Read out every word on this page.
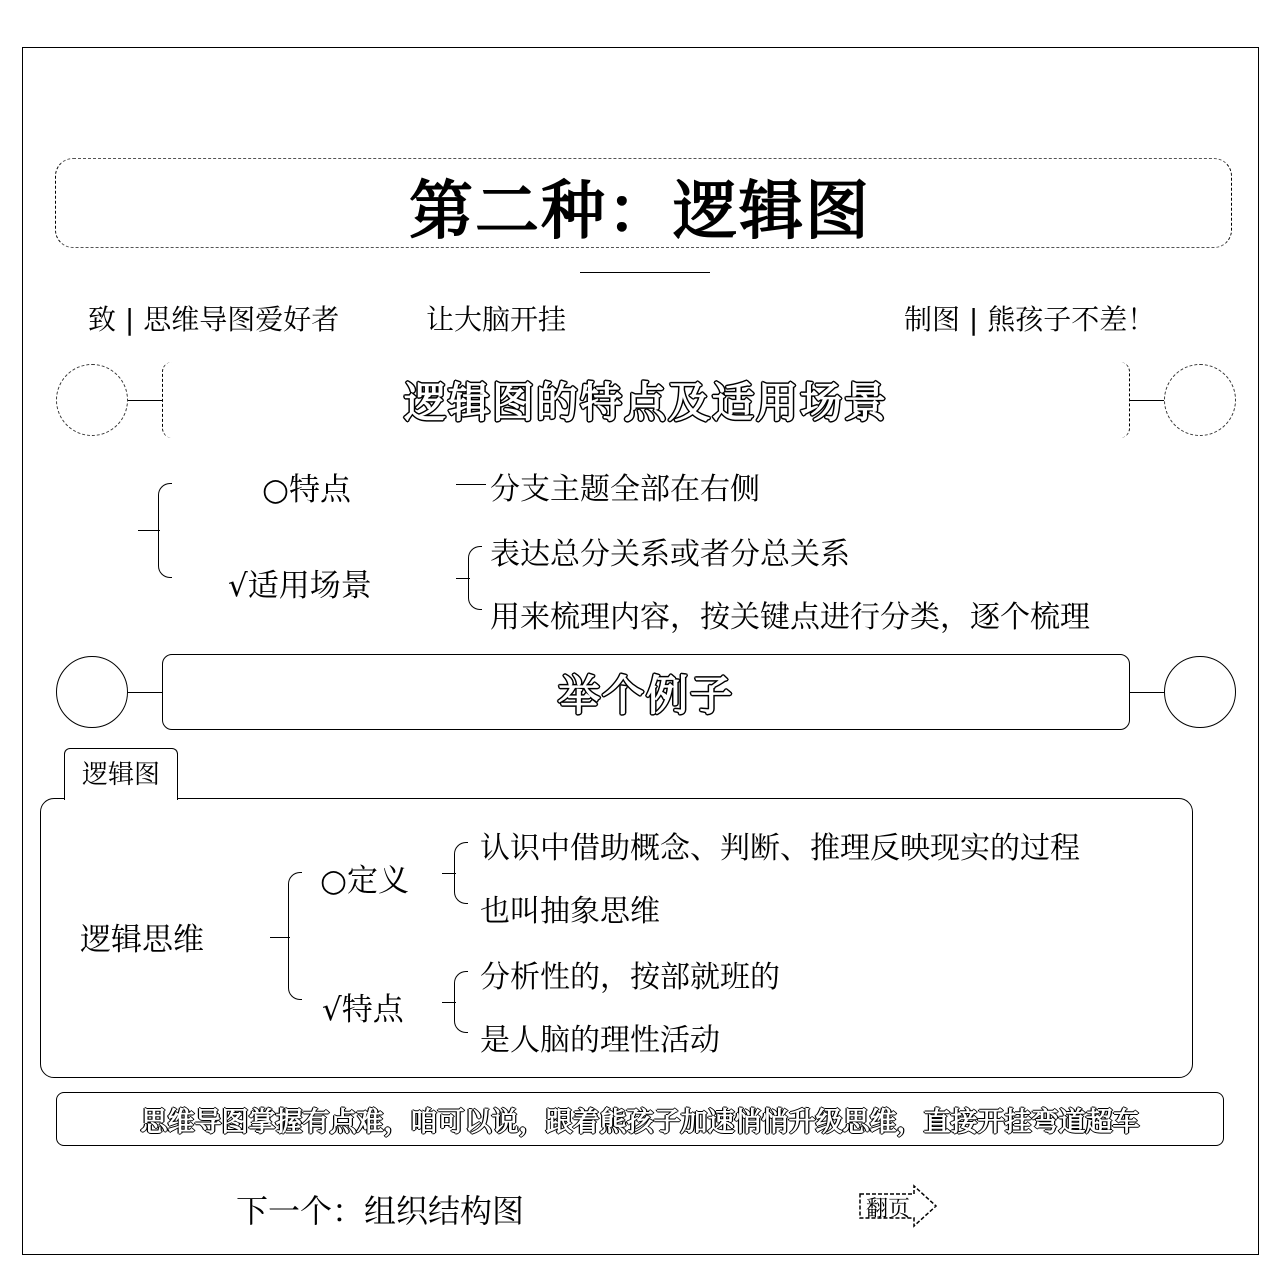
第二种：逻辑图
致 | 思维导图爱好者	让大脑开挂	制图 | 熊孩子不差！
逻辑图的特点及适用场景
○特点	分支主题全部在右侧
√适用场景
表达总分关系或者分总关系
用来梳理内容，按关键点进行分类，逐个梳理
举个例子
逻辑图
逻辑思维
○定义
认识中借助概念、判断、推理反映现实的过程
也叫抽象思维
√特点
分析性的，按部就班的
是人脑的理性活动
思维导图掌握有点难，咱可以说，跟着熊孩子加速悄悄升级思维，直接开挂弯道超车
下一个：组织结构图	翻页
